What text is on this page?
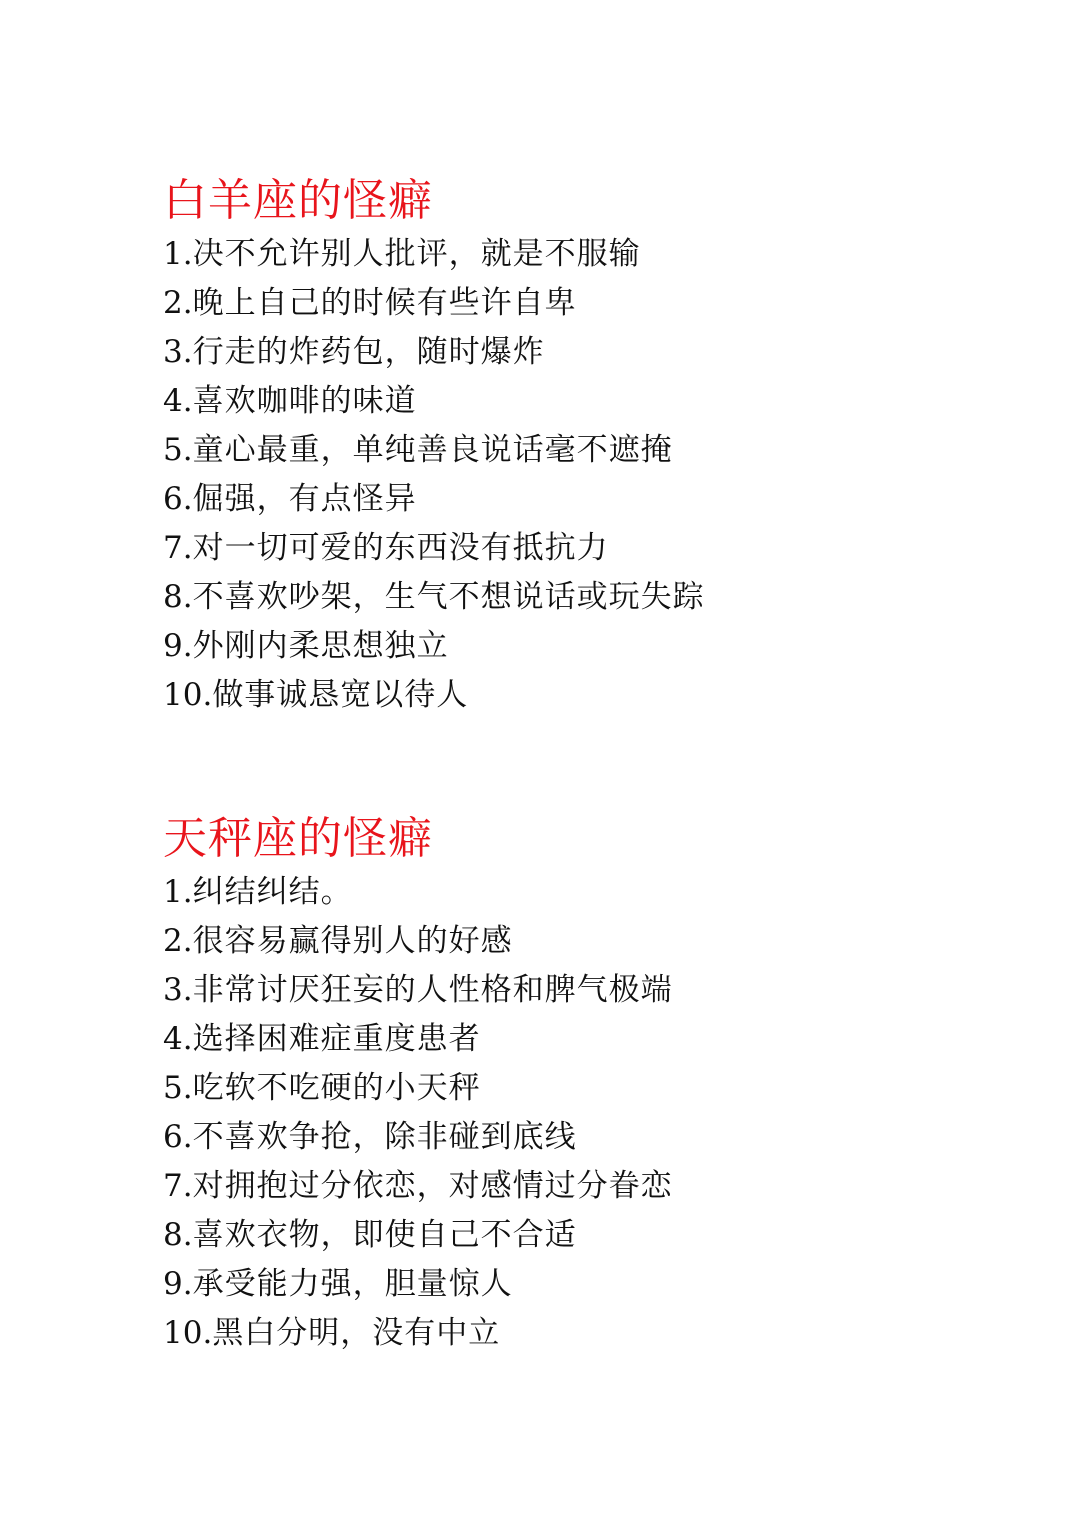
白羊座的怪癖
1. 决不允许别人批评，就是不服输
2. 晚上自己的时候有些许自卑
3. 行走的炸药包，随时爆炸
4. 喜欢咖啡的味道
5. 童心最重，单纯善良说话毫不遮掩
6. 倔强，有点怪异
7. 对一切可爱的东西没有抵抗力
8. 不喜欢吵架，生气不想说话或玩失踪
9. 外刚内柔思想独立
10. 做事诚恳宽以待人
天秤座的怪癖
1. 纠结纠结。
2. 很容易赢得别人的好感
3. 非常讨厌狂妄的人性格和脾气极端
4. 选择困难症重度患者
5. 吃软不吃硬的小天秤
6. 不喜欢争抢，除非碰到底线
7. 对拥抱过分依恋，对感情过分眷恋
8. 喜欢衣物，即使自己不合适
9. 承受能力强，胆量惊人
10. 黑白分明，没有中立
